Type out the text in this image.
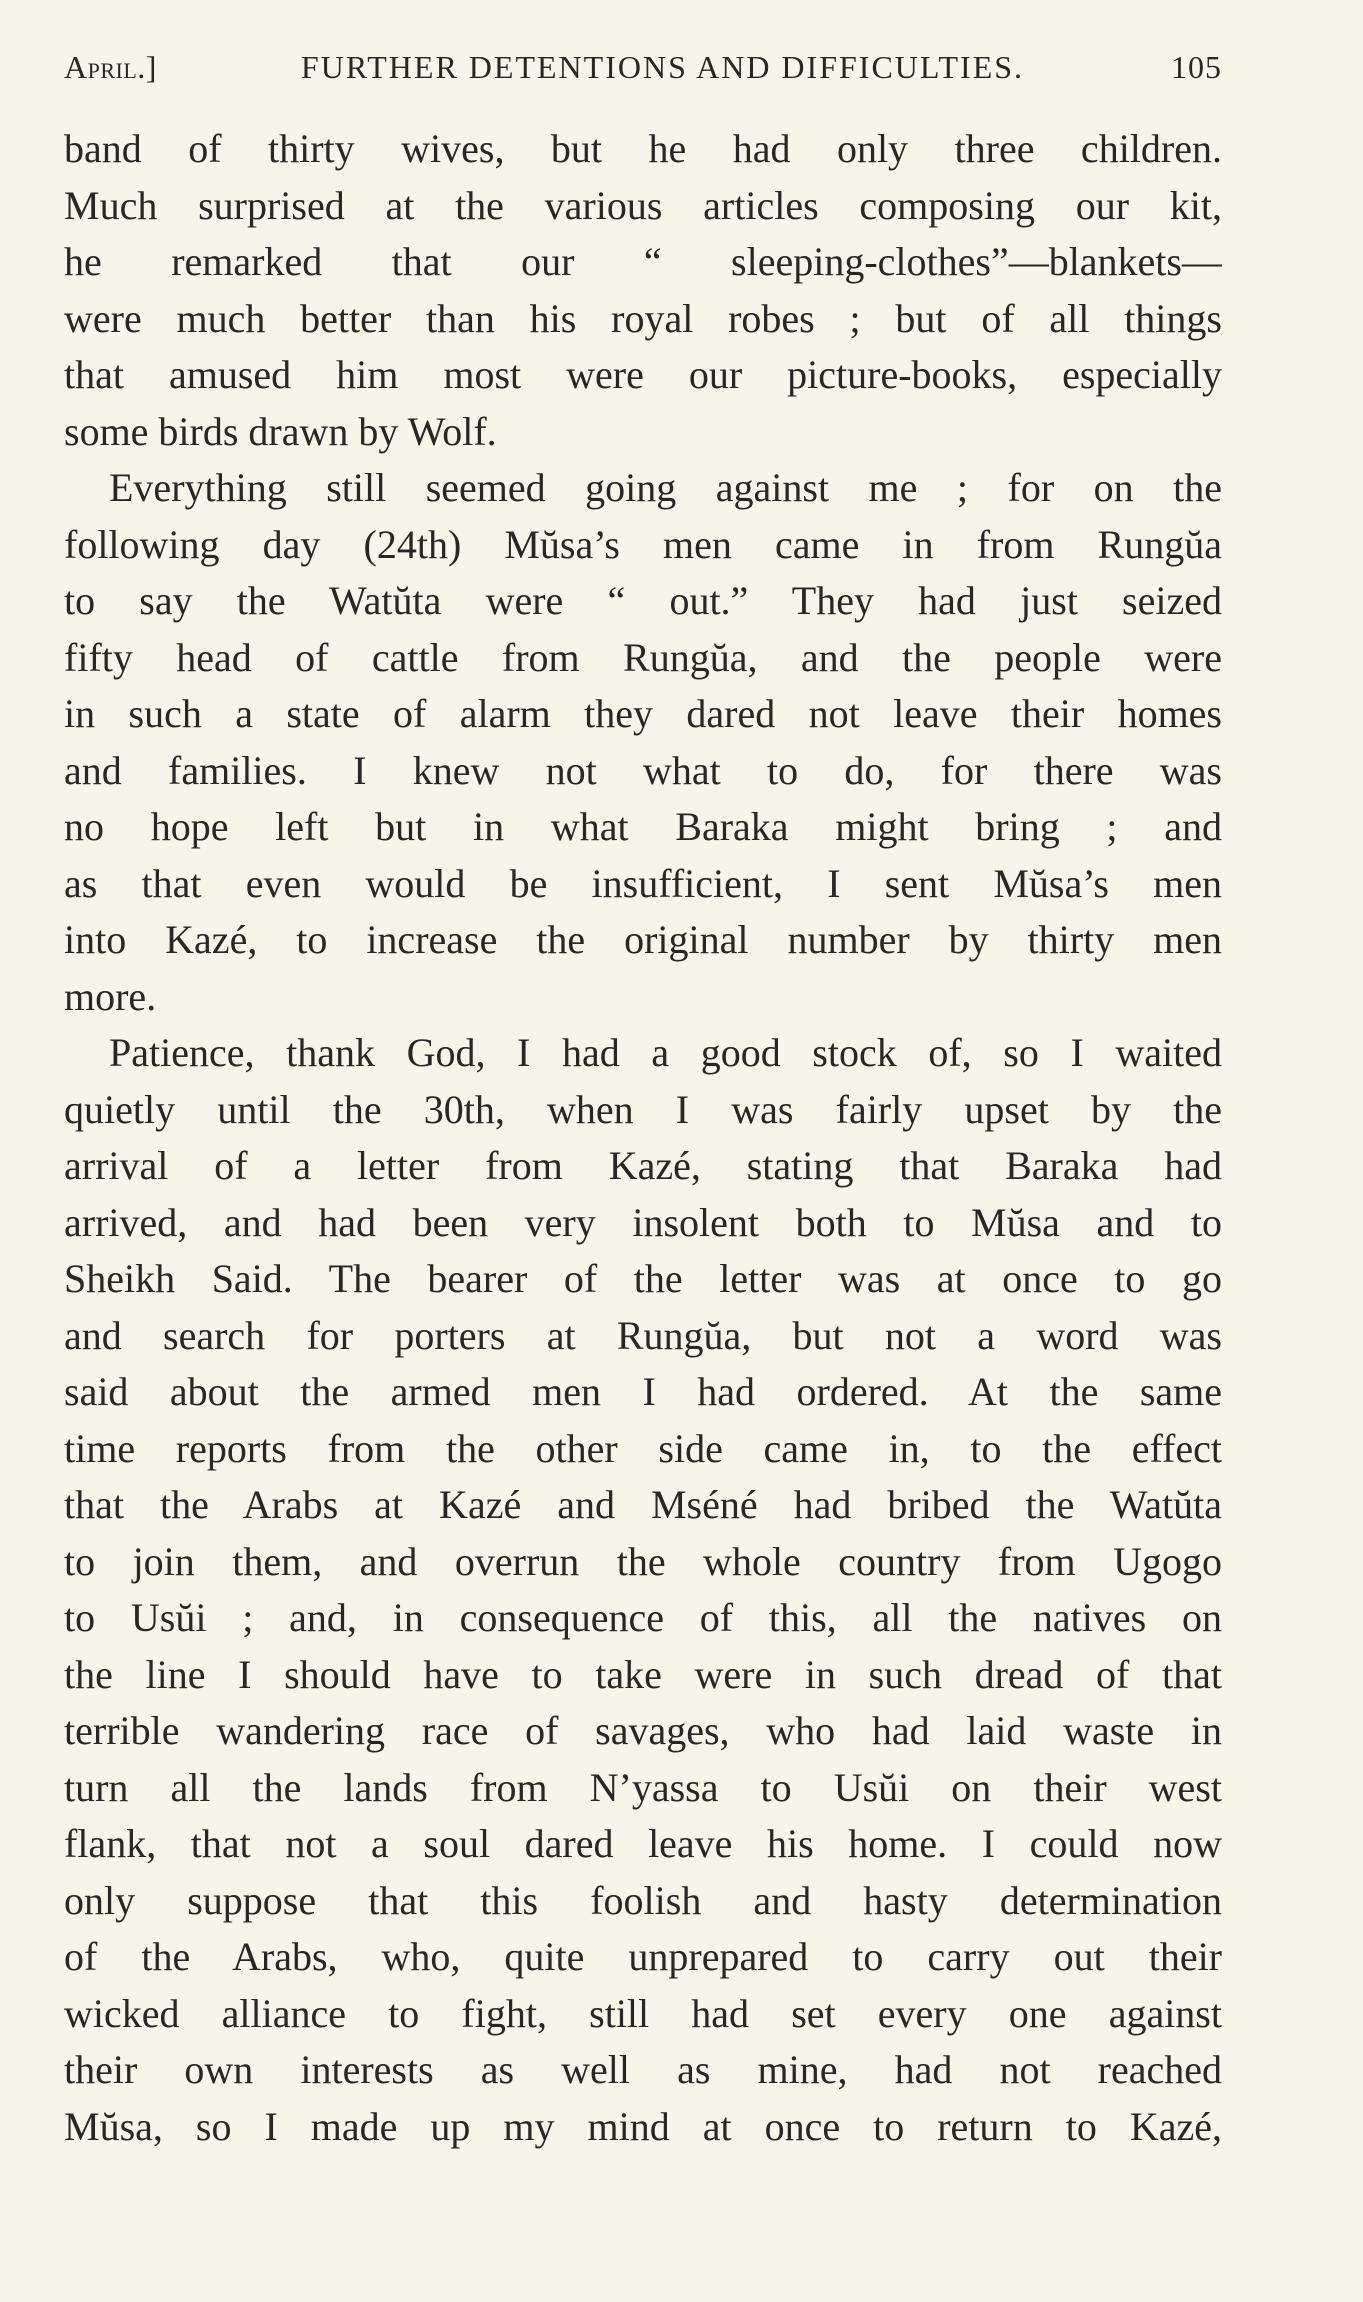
April.]	FURTHER DETENTIONS AND DIFFICULTIES.	105
band of thirty wives, but he had only three children.
Much surprised at the various articles composing our kit,
he remarked that our “ sleeping-clothes”—blankets—
were much better than his royal robes ; but of all things
that amused him most were our picture-books, especially
some birds drawn by Wolf.
Everything still seemed going against me ; for on the
following day (24th) Mŭsa’s men came in from Rungŭa
to say the Watŭta were “ out.” They had just seized
fifty head of cattle from Rungŭa, and the people were
in such a state of alarm they dared not leave their homes
and families. I knew not what to do, for there was
no hope left but in what Baraka might bring ; and
as that even would be insufficient, I sent Mŭsa’s men
into Kazé, to increase the original number by thirty men
more.
Patience, thank God, I had a good stock of, so I waited
quietly until the 30th, when I was fairly upset by the
arrival of a letter from Kazé, stating that Baraka had
arrived, and had been very insolent both to Mŭsa and to
Sheikh Said. The bearer of the letter was at once to go
and search for porters at Rungŭa, but not a word was
said about the armed men I had ordered. At the same
time reports from the other side came in, to the effect
that the Arabs at Kazé and Mséné had bribed the Watŭta
to join them, and overrun the whole country from Ugogo
to Usŭi ; and, in consequence of this, all the natives on
the line I should have to take were in such dread of that
terrible wandering race of savages, who had laid waste in
turn all the lands from N’yassa to Usŭi on their west
flank, that not a soul dared leave his home. I could now
only suppose that this foolish and hasty determination
of the Arabs, who, quite unprepared to carry out their
wicked alliance to fight, still had set every one against
their own interests as well as mine, had not reached
Mŭsa, so I made up my mind at once to return to Kazé,
